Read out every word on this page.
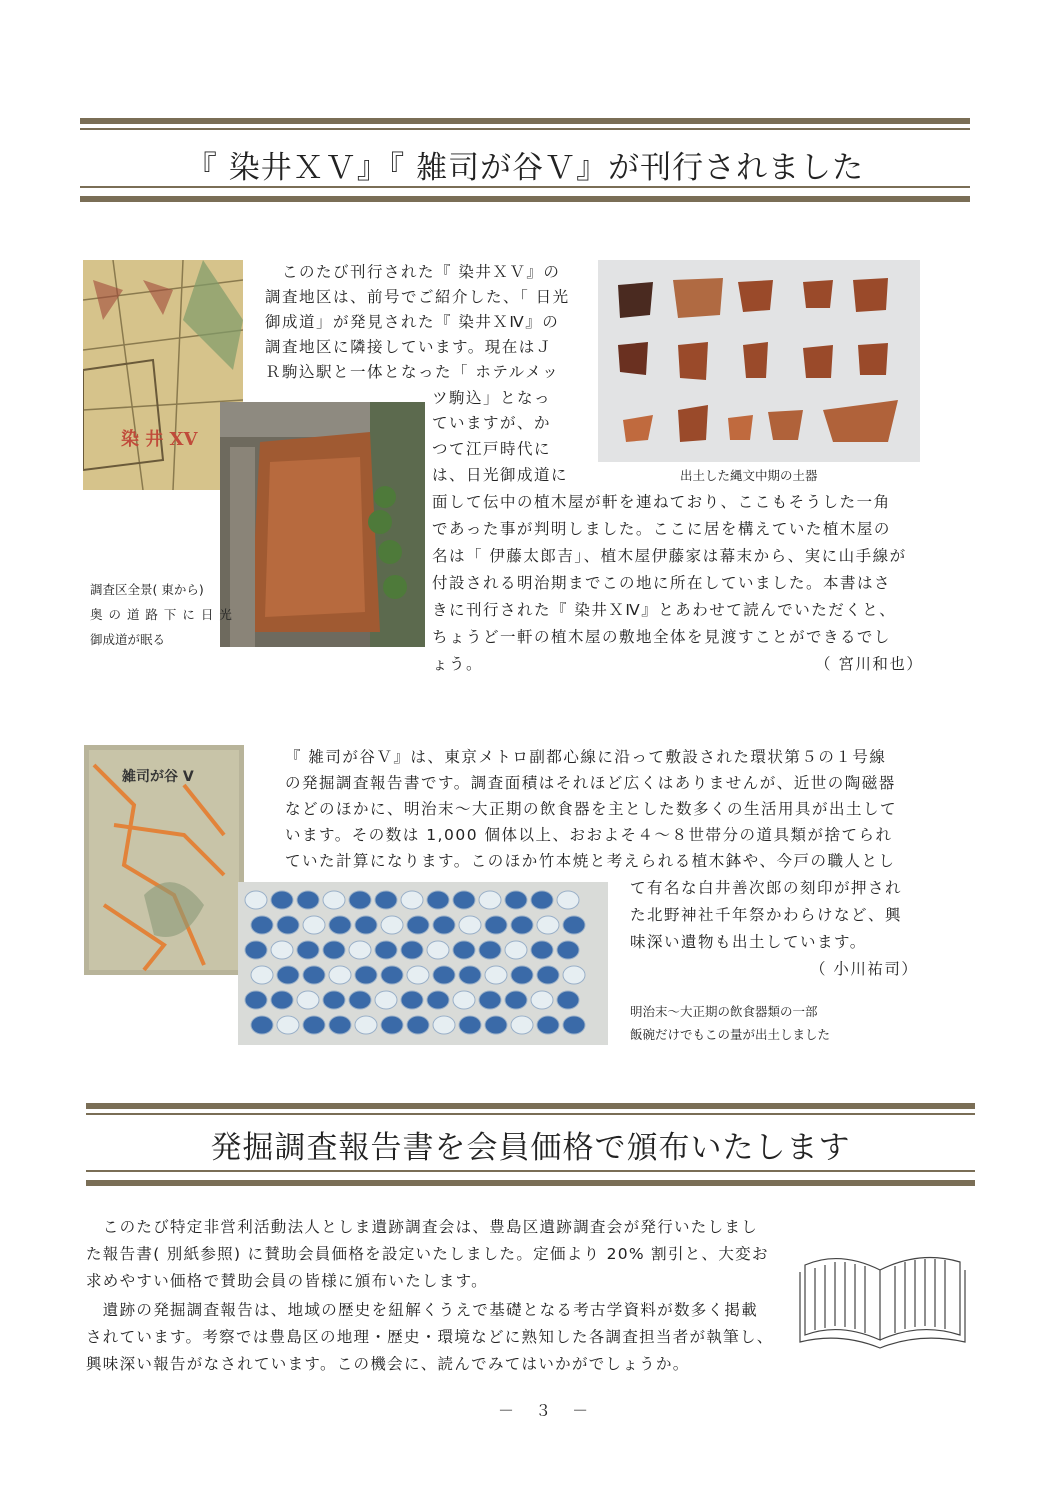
『 染井ＸＶ』『 雑司が谷Ｖ』が刊行されました
染 井 XV
調査区全景( 東から)
奥 の 道 路 下 に 日 光
御成道が眠る
出土した縄文中期の土器
　このたび刊行された『 染井ＸＶ』の
調査地区は、前号でご紹介した、「 日光
御成道」が発見された『 染井ＸⅣ』の
調査地区に隣接しています。現在はＪ
Ｒ駒込駅と一体となった「 ホテルメッ
ツ駒込」となっ
ていますが、か
つて江戸時代に
は、日光御成道に
面して伝中の植木屋が軒を連ねており、ここもそうした一角
であった事が判明しました。ここに居を構えていた植木屋の
名は「 伊藤太郎吉」、植木屋伊藤家は幕末から、実に山手線が
付設される明治期までこの地に所在していました。本書はさ
きに刊行された『 染井ＸⅣ』とあわせて読んでいただくと、
ちょうど一軒の植木屋の敷地全体を見渡すことができるでし
ょう。	（ 宮川和也）
雑司が谷 V
『 雑司が谷Ｖ』は、東京メトロ副都心線に沿って敷設された環状第５の１号線
の発掘調査報告書です。調査面積はそれほど広くはありませんが、近世の陶磁器
などのほかに、明治末～大正期の飲食器を主とした数多くの生活用具が出土して
います。その数は 1,000 個体以上、おおよそ４～８世帯分の道具類が捨てられ
ていた計算になります。このほか竹本焼と考えられる植木鉢や、今戸の職人とし
て有名な白井善次郎の刻印が押され
た北野神社千年祭かわらけなど、興
味深い遺物も出土しています。
（ 小川祐司）
明治末～大正期の飲食器類の一部
飯碗だけでもこの量が出土しました
発掘調査報告書を会員価格で頒布いたします
　このたび特定非営利活動法人としま遺跡調査会は、豊島区遺跡調査会が発行いたしまし
た報告書( 別紙参照) に賛助会員価格を設定いたしました。定価より 20% 割引と、大変お
求めやすい価格で賛助会員の皆様に頒布いたします。
　遺跡の発掘調査報告は、地域の歴史を紐解くうえで基礎となる考古学資料が数多く掲載
されています。考察では豊島区の地理・歴史・環境などに熟知した各調査担当者が執筆し、
興味深い報告がなされています。この機会に、読んでみてはいかがでしょうか。
－ ３ －
